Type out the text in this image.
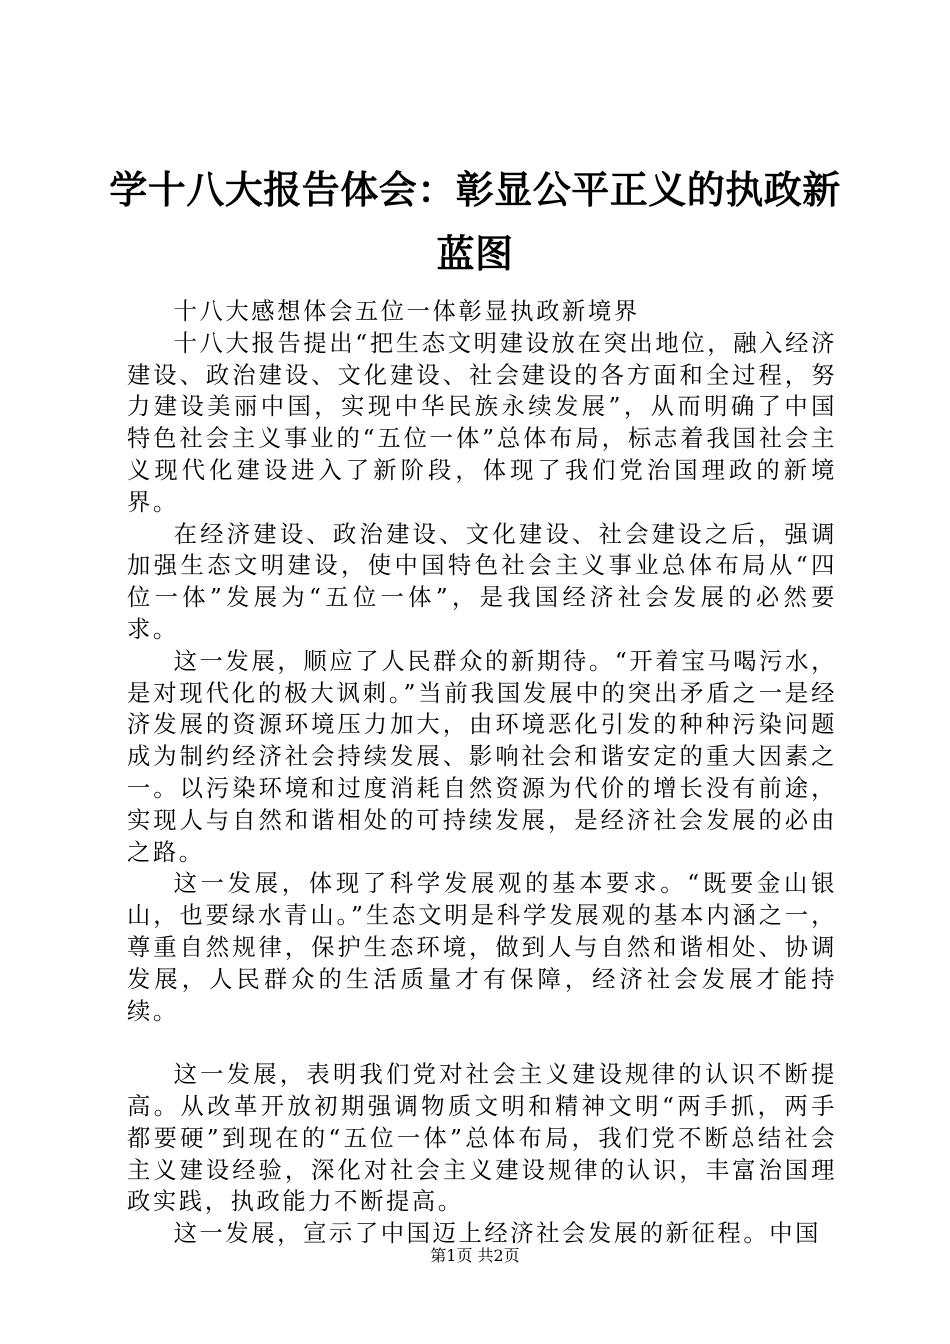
学十八大报告体会：彰显公平正义的执政新蓝图

十八大感想体会五位一体彰显执政新境界

十八大报告提出“把生态文明建设放在突出地位，融入经济建设、政治建设、文化建设、社会建设的各方面和全过程，努力建设美丽中国，实现中华民族永续发展”，从而明确了中国特色社会主义事业的“五位一体”总体布局，标志着我国社会主义现代化建设进入了新阶段，体现了我们党治国理政的新境界。

在经济建设、政治建设、文化建设、社会建设之后，强调加强生态文明建设，使中国特色社会主义事业总体布局从“四位一体”发展为“五位一体”，是我国经济社会发展的必然要求。

这一发展，顺应了人民群众的新期待。“开着宝马喝污水，是对现代化的极大讽刺。”当前我国发展中的突出矛盾之一是经济发展的资源环境压力加大，由环境恶化引发的种种污染问题成为制约经济社会持续发展、影响社会和谐安定的重大因素之一。以污染环境和过度消耗自然资源为代价的增长没有前途，实现人与自然和谐相处的可持续发展，是经济社会发展的必由之路。

这一发展，体现了科学发展观的基本要求。“既要金山银山，也要绿水青山。”生态文明是科学发展观的基本内涵之一，尊重自然规律，保护生态环境，做到人与自然和谐相处、协调发展，人民群众的生活质量才有保障，经济社会发展才能持续。

这一发展，表明我们党对社会主义建设规律的认识不断提高。从改革开放初期强调物质文明和精神文明“两手抓，两手都要硬”到现在的“五位一体”总体布局，我们党不断总结社会主义建设经验，深化对社会主义建设规律的认识，丰富治国理政实践，执政能力不断提高。

这一发展，宣示了中国迈上经济社会发展的新征程。中国

第1页 共2页
